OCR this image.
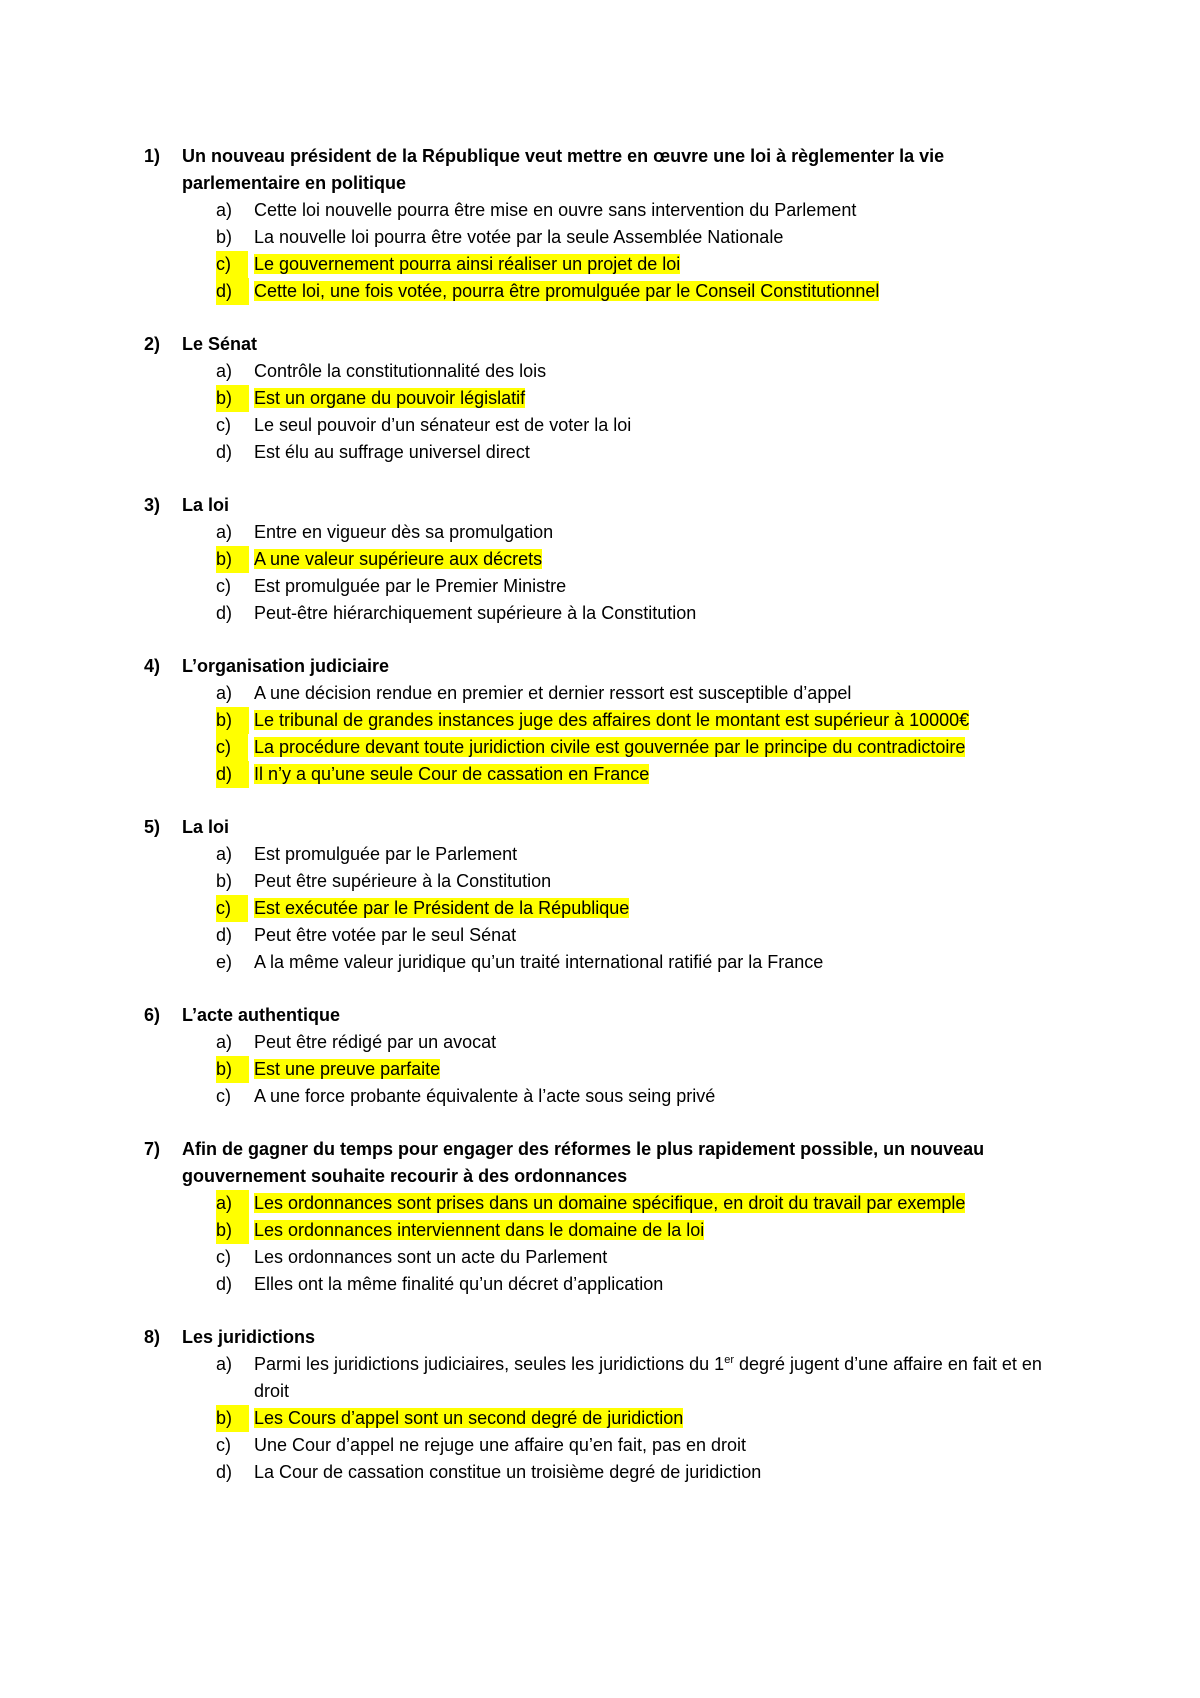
1) Un nouveau président de la République veut mettre en œuvre une loi à règlementer la vie parlementaire en politique
a) Cette loi nouvelle pourra être mise en ouvre sans intervention du Parlement
b) La nouvelle loi pourra être votée par la seule Assemblée Nationale
c)	Le gouvernement pourra ainsi réaliser un projet de loi
d)	Cette loi, une fois votée, pourra être promulguée par le Conseil Constitutionnel
2) Le Sénat
a) Contrôle la constitutionnalité des lois
b)	Est un organe du pouvoir législatif
c) Le seul pouvoir d’un sénateur est de voter la loi
d) Est élu au suffrage universel direct
3) La loi
a) Entre en vigueur dès sa promulgation
b)	A une valeur supérieure aux décrets
c) Est promulguée par le Premier Ministre
d) Peut-être hiérarchiquement supérieure à la Constitution
4) L’organisation judiciaire
a) A une décision rendue en premier et dernier ressort est susceptible d’appel
b)	Le tribunal de grandes instances juge des affaires dont le montant est supérieur à 10000€
c)	La procédure devant toute juridiction civile est gouvernée par le principe du contradictoire
d)	Il n’y a qu’une seule Cour de cassation en France
5) La loi
a) Est promulguée par le Parlement
b) Peut être supérieure à la Constitution
c)	Est exécutée par le Président de la République
d) Peut être votée par le seul Sénat
e) A la même valeur juridique qu’un traité international ratifié par la France
6) L’acte authentique
a) Peut être rédigé par un avocat
b)	Est une preuve parfaite
c) A une force probante équivalente à l’acte sous seing privé
7) Afin de gagner du temps pour engager des réformes le plus rapidement possible, un nouveau gouvernement souhaite recourir à des ordonnances
a)	Les ordonnances sont prises dans un domaine spécifique, en droit du travail par exemple
b)	Les ordonnances interviennent dans le domaine de la loi
c) Les ordonnances sont un acte du Parlement
d) Elles ont la même finalité qu’un décret d’application
8) Les juridictions
a) Parmi les juridictions judiciaires, seules les juridictions du 1er degré jugent d’une affaire en fait et en droit
b)	Les Cours d’appel sont un second degré de juridiction
c) Une Cour d’appel ne rejuge une affaire qu’en fait, pas en droit
d) La Cour de cassation constitue un troisième degré de juridiction
